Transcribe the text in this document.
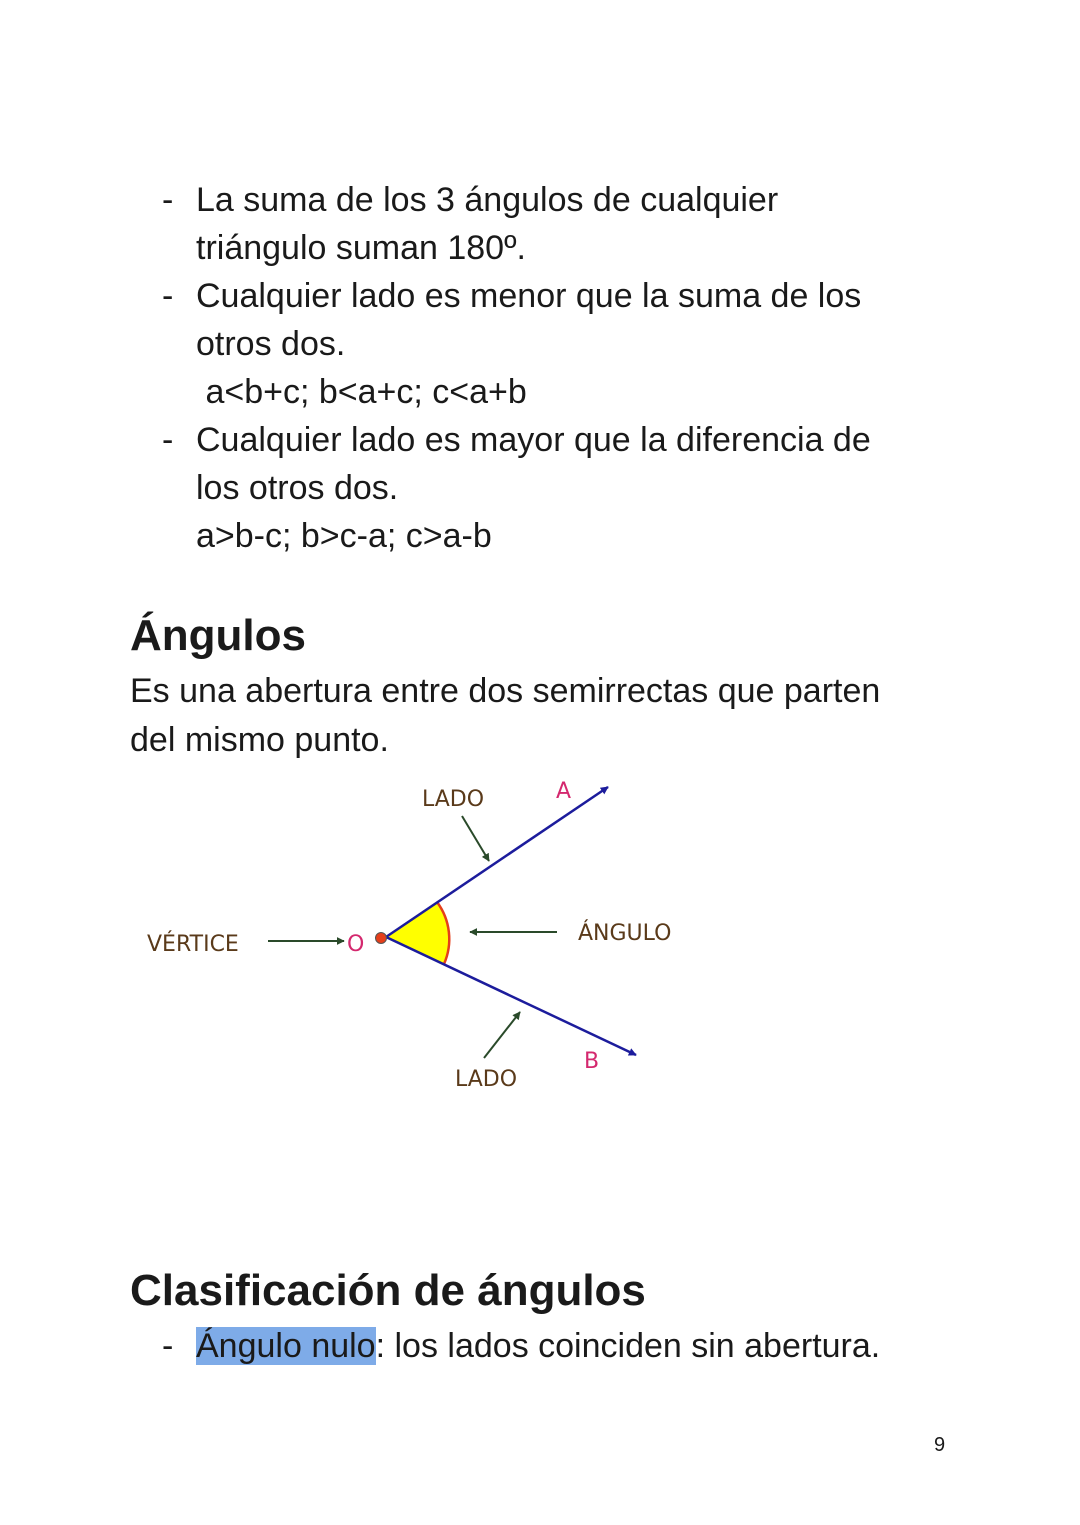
- La suma de los 3 ángulos de cualquier

triángulo suman 180º.

- Cualquier lado es menor que la suma de los

otros dos.

a<b+c; b<a+c; c<a+b

- Cualquier lado es mayor que la diferencia de

los otros dos.

a>b-c; b>c-a; c>a-b

Ángulos

Es una abertura entre dos semirrectas que parten

del mismo punto.

LADO	A
VÉRTICE	O	ÁNGULO
B
LADO
Clasificación de ángulos
- Ángulo nulo: los lados coinciden sin abertura.

9
